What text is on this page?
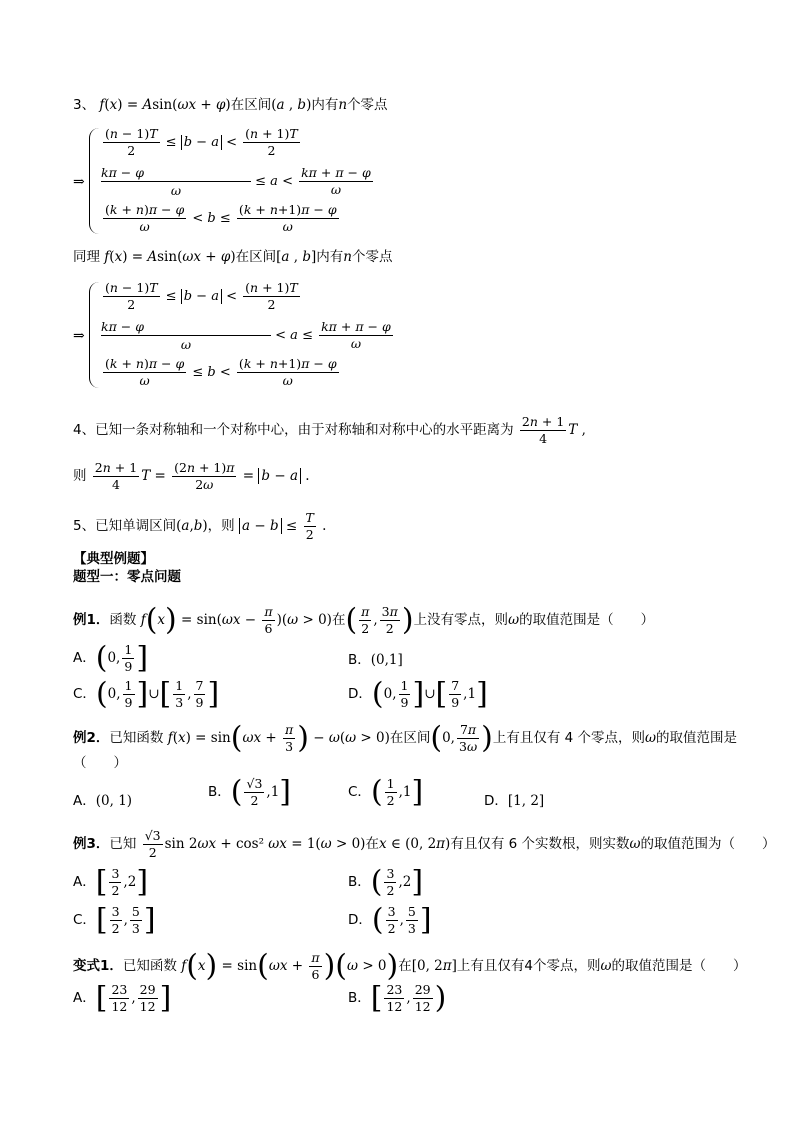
3、 f(x) = Asin(ωx + φ)在区间(a , b)内有n个零点
⇒
$\frac{(n - 1)T}{2} \le b - a < \frac{(n + 1)T}{2}$
$\frac{k\pi - \varphi}{\omega} \le a < \frac{k\pi + \pi - \varphi}{\omega}$
$\frac{(k + n)\pi - \varphi}{\omega} < b \le \frac{(k + n+1)\pi - \varphi}{\omega}$
同理 f(x) = Asin(ωx + φ)在区间[a , b]内有n个零点
⇒
$\frac{(n - 1)T}{2} \le b - a < \frac{(n + 1)T}{2}$
$\frac{k\pi - \varphi}{\omega} < a \le \frac{k\pi + \pi - \varphi}{\omega}$
$\frac{(k + n)\pi - \varphi}{\omega} \le b < \frac{(k + n+1)\pi - \varphi}{\omega}$
4、已知一条对称轴和一个对称中心，由于对称轴和对称中心的水平距离为 $\frac{2n + 1}{4}$ T ,
则 $\frac{2n + 1}{4}$ $T = \frac{(2n + 1)\pi}{2\omega} = b - a$ .
5、已知单调区间(a,b)，则 $a - b \le \frac{T}{2}$ .
【典型例题】
题型一：零点问题
例1．函数 $f(x) = \sin(\omega x - \frac{\pi}{6} )(\omega > 0)$在( $\frac{\pi}{2}$ , $\frac{3\pi}{2}$ )上没有零点，则ω的取值范围是（　　）
A．(0, $\frac{1}{9}$ ]	B．(0,1]
C．(0, $\frac{1}{9}$ ]∪[ $\frac{1}{3}$ , $\frac{7}{9}$ ]	D．(0, $\frac{1}{9}$ ]∪[ $\frac{7}{9} ,1$]
例2．已知函数 $f(x) = \sin(\omega x + \frac{\pi}{3}$ ) − ω(ω > 0)在区间(0, $\frac{7\pi}{3\omega}$ )上有且仅有 4 个零点，则ω的取值范围是
（　　）
A．(0, 1)
B．( $\frac{√3}{2} ,1$]	C．( $\frac{1}{2} ,1$]	D．[1, 2]
例3．已知 $\frac{√3}{2}$ sin 2ωx + cos² ωx = 1(ω > 0)在x ∈ (0, 2π)有且仅有 6 个实数根，则实数ω的取值范围为（　　）
A．[ $\frac{3}{2} ,2$]	B．( $\frac{3}{2} ,2$]
C．[ $\frac{3}{2}$ , $\frac{5}{3}$ ]	D．( $\frac{3}{2}$ , $\frac{5}{3}$ ]
变式1．已知函数 $f(x) = \sin(\omega x + \frac{\pi}{6} )(\omega > 0)$在[0, 2π]上有且仅有4个零点，则ω的取值范围是（　　）
A．[ $\frac{23}{12}$ , $\frac{29}{12}$ ]	B．[ $\frac{23}{12}$ , $\frac{29}{12}$ )
